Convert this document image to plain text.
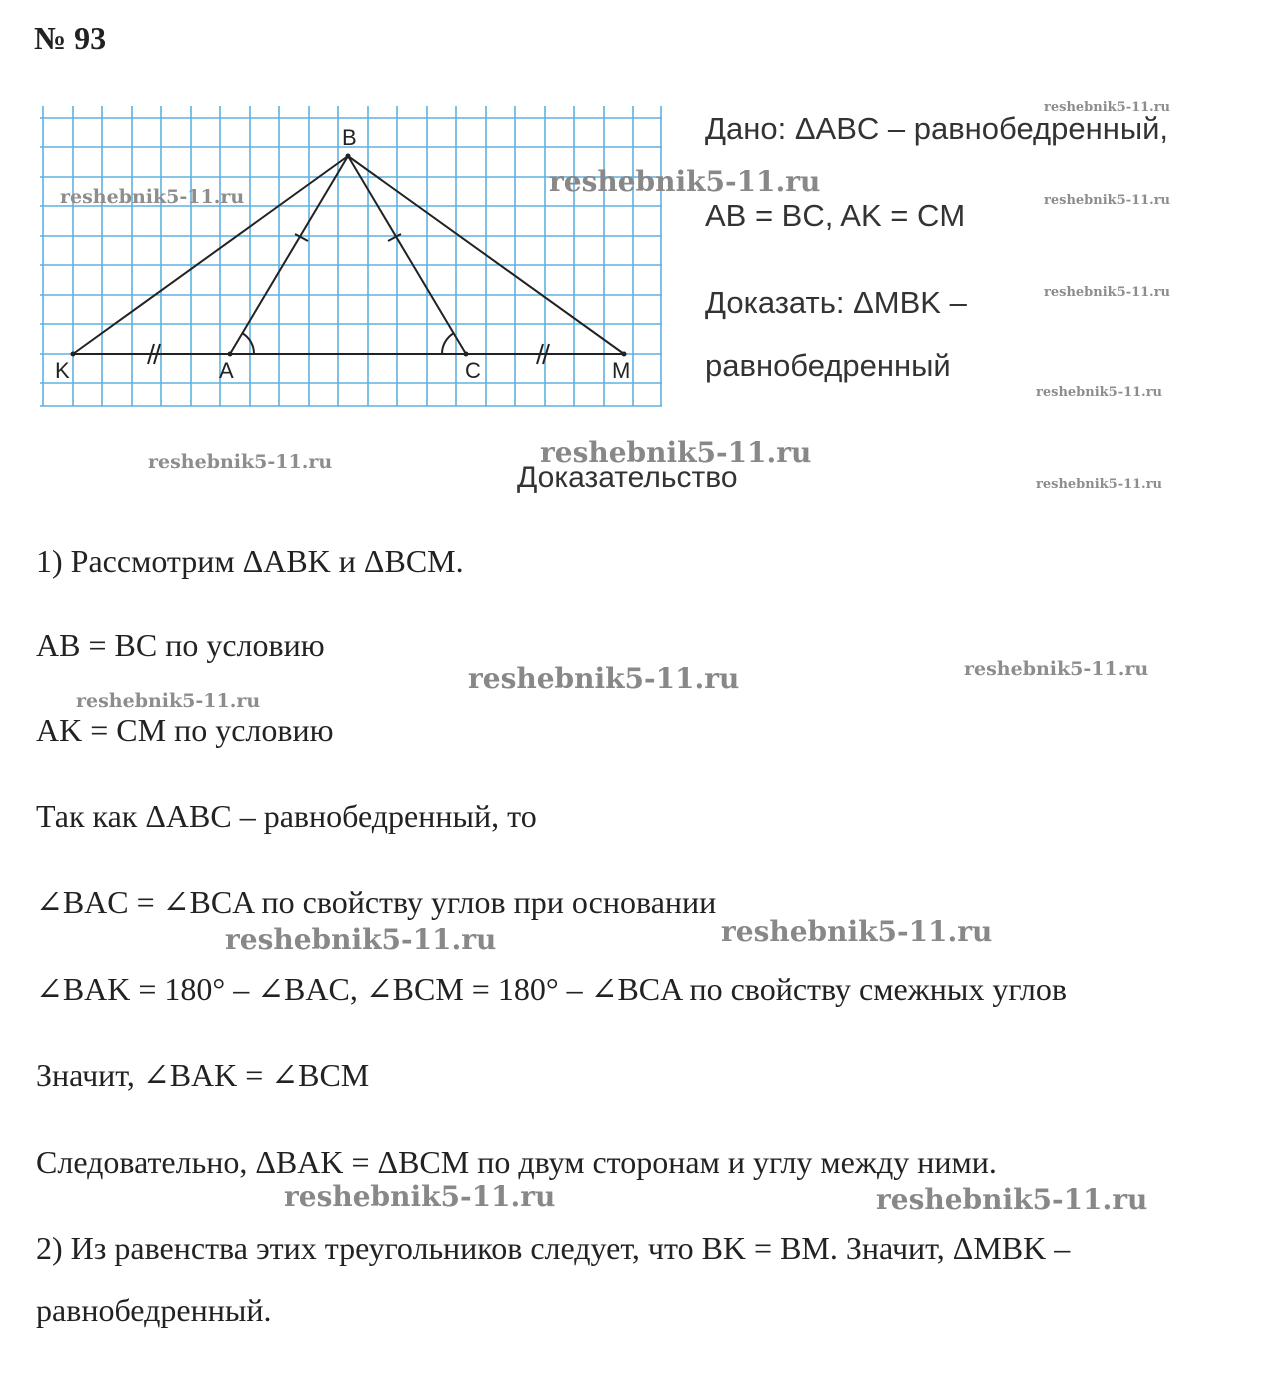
№ 93
K	A	C	M
B	Дано: ΔABC – равнобедренный,
AB = BC, AK = CM
Доказать: ΔMBK –
равнобедренный
Доказательство
1) Рассмотрим ΔABK и ΔBCM.
AB = BC по условию
AK = CM по условию
Так как ΔABC – равнобедренный, то
∠BAC = ∠BCA по свойству углов при основании
∠BAK = 180° – ∠BAC, ∠BCM = 180° – ∠BCA по свойству смежных углов
Значит, ∠BAK = ∠BCM
Следовательно, ΔBAK = ΔBCM по двум сторонам и углу между ними.
2) Из равенства этих треугольников следует, что BK = BM. Значит, ΔMBK –
равнобедренный.
reshebnik5-11.ru
reshebnik5-11.ru
reshebnik5-11.ru	reshebnik5-11.ru
reshebnik5-11.ru
reshebnik5-11.ru
reshebnik5-11.ru
reshebnik5-11.ru
reshebnik5-11.ru
reshebnik5-11.ru	reshebnik5-11.ru
reshebnik5-11.ru
reshebnik5-11.ru	reshebnik5-11.ru
reshebnik5-11.ru	reshebnik5-11.ru
